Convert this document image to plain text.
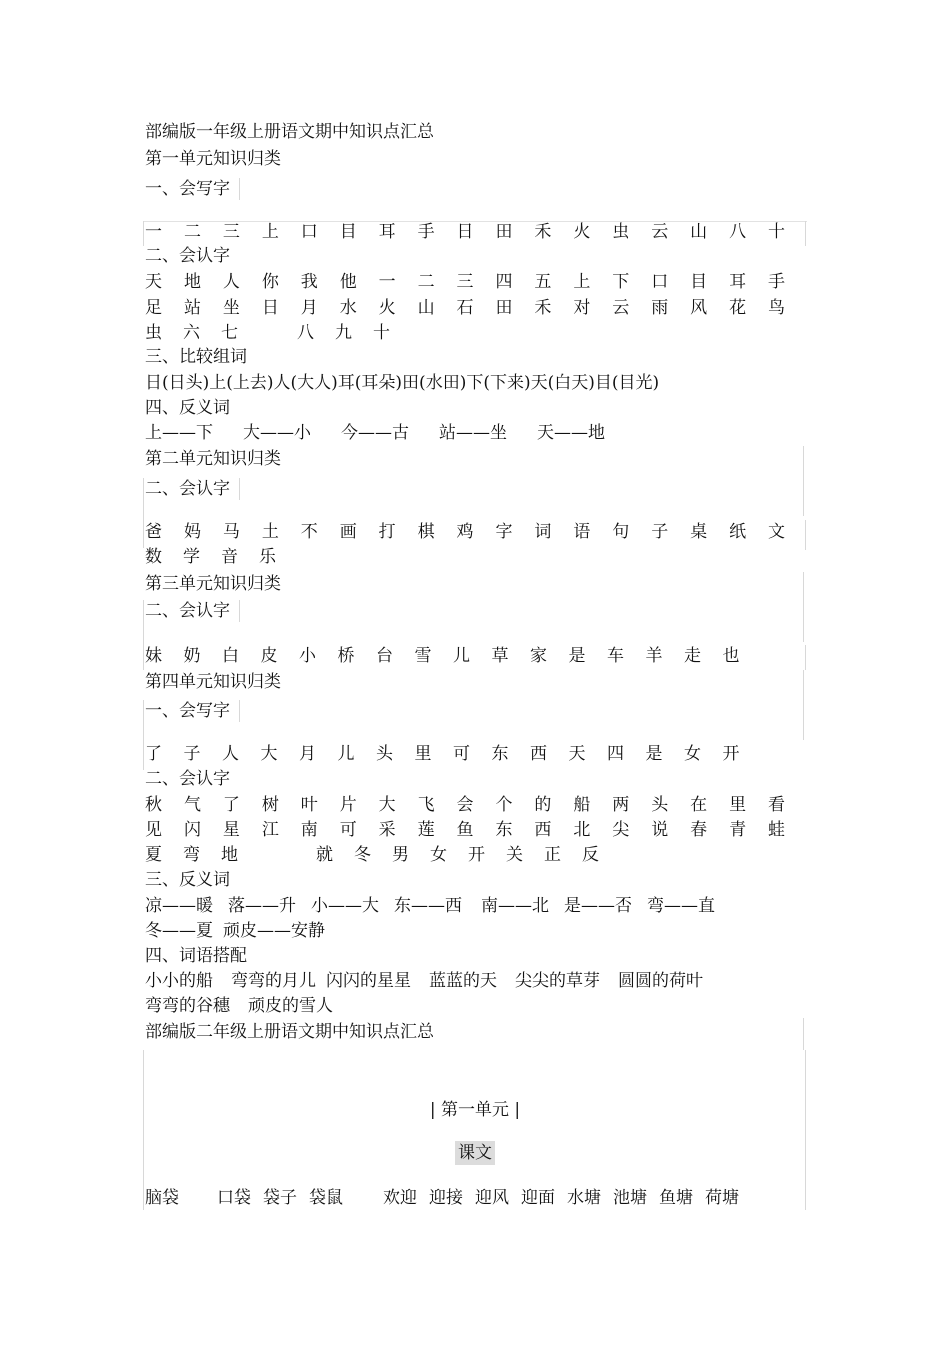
部编版一年级上册语文期中知识点汇总
第一单元知识归类
一、会写字
一 二 三 上 口 目 耳 手 日 田 禾 火 虫 云 山 八 十
二、会认字
天 地 人 你 我 他 一 二 三 四 五 上 下 口 目 耳 手
足 站 坐 日 月 水 火 山 石 田 禾 对 云 雨 风 花 鸟
虫 六 七	八 九 十
三、比较组词
日(日头)上(上去)人(大人)耳(耳朵)田(水田)下(下来)天(白天)目(目光)
四、反义词
上——下 大——小 今——古 站——坐 天——地
第二单元知识归类
二、会认字
爸 妈 马 土 不 画 打 棋 鸡 字 词 语 句 子 桌 纸 文
数 学 音 乐
第三单元知识归类
二、会认字
妹 奶 白 皮 小 桥 台 雪 儿 草 家 是 车 羊 走 也
第四单元知识归类
一、会写字
了 子 人 大 月 儿 头 里 可 东 西 天 四 是 女 开
二、会认字
秋 气 了 树 叶 片 大 飞 会 个 的 船 两 头 在 里 看
见 闪 星 江 南 可 采 莲 鱼 东 西 北 尖 说 春 青 蛙
夏 弯 地	就 冬 男 女 开 关 正 反
三、反义词
凉——暖 落——升 小——大 东——西 南——北 是——否 弯——直
冬——夏 顽皮——安静
四、词语搭配
小小的船 弯弯的月儿 闪闪的星星 蓝蓝的天 尖尖的草芽 圆圆的荷叶
弯弯的谷穗 顽皮的雪人
部编版二年级上册语文期中知识点汇总
| 第一单元 |
课文
脑袋 口袋 袋子 袋鼠 欢迎 迎接 迎风 迎面 水塘 池塘 鱼塘 荷塘
